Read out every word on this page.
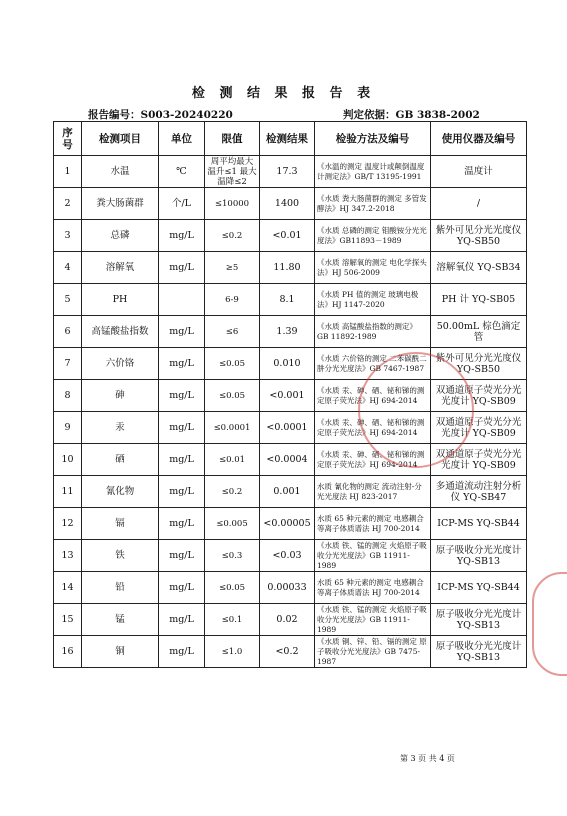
检 测 结 果 报 告 表
报告编号：S003-20240220	判定依据：GB 3838-2002
序
号	检测项目	单位	限值	检测结果	检验方法及编号	使用仪器及编号
1	水温	℃	周平均最大温升≤1 最大温降≤2	17.3	《水温的测定 温度计或颠倒温度计测定法》GB/T 13195-1991	温度计
2	粪大肠菌群	个/L	≤10000	1400	《水质 粪大肠菌群的测定 多管发酵法》HJ 347.2-2018	/
3	总磷	mg/L	≤0.2	<0.01	《水质 总磷的测定 钼酸铵分光光度法》GB11893－1989	紫外可见分光光度仪 YQ-SB50
4	溶解氧	mg/L	≥5	11.80	《水质 溶解氧的测定 电化学探头法》HJ 506-2009	溶解氧仪 YQ-SB34
5	PH		6-9	8.1	《水质 PH 值的测定 玻璃电极法》HJ 1147-2020	PH 计 YQ-SB05
6	高锰酸盐指数	mg/L	≤6	1.39	《水质 高锰酸盐指数的测定》GB 11892-1989	50.00mL 棕色滴定管
7	六价铬	mg/L	≤0.05	0.010	《水质 六价铬的测定 二苯碳酰二肼分光光度法》GB 7467-1987	紫外可见分光光度仪 YQ-SB50
8	砷	mg/L	≤0.05	<0.001	《水质 汞、砷、硒、铋和锑的测定原子荧光法》HJ 694-2014	双通道原子荧光分光光度计 YQ-SB09
9	汞	mg/L	≤0.0001	<0.0001	《水质 汞、砷、硒、铋和锑的测定原子荧光法》HJ 694-2014	双通道原子荧光分光光度计 YQ-SB09
10	硒	mg/L	≤0.01	<0.0004	《水质 汞、砷、硒、铋和锑的测定原子荧光法》HJ 694-2014	双通道原子荧光分光光度计 YQ-SB09
11	氰化物	mg/L	≤0.2	0.001	水质 氰化物的测定 流动注射-分光光度法 HJ 823-2017	多通道流动注射分析仪 YQ-SB47
12	镉	mg/L	≤0.005	<0.00005	水质 65 种元素的测定 电感耦合等离子体质谱法 HJ 700-2014	ICP-MS YQ-SB44
13	铁	mg/L	≤0.3	<0.03	《水质 铁、锰的测定 火焰原子吸收分光光度法》GB 11911-1989	原子吸收分光光度计 YQ-SB13
14	铅	mg/L	≤0.05	0.00033	水质 65 种元素的测定 电感耦合等离子体质谱法 HJ 700-2014	ICP-MS YQ-SB44
15	锰	mg/L	≤0.1	0.02	《水质 铁、锰的测定 火焰原子吸收分光光度法》GB 11911-1989	原子吸收分光光度计 YQ-SB13
16	铜	mg/L	≤1.0	<0.2	《水质 铜、锌、铅、镉的测定 原子吸收分光光度法》GB 7475-1987	原子吸收分光光度计 YQ-SB13
第 3 页 共 4 页
